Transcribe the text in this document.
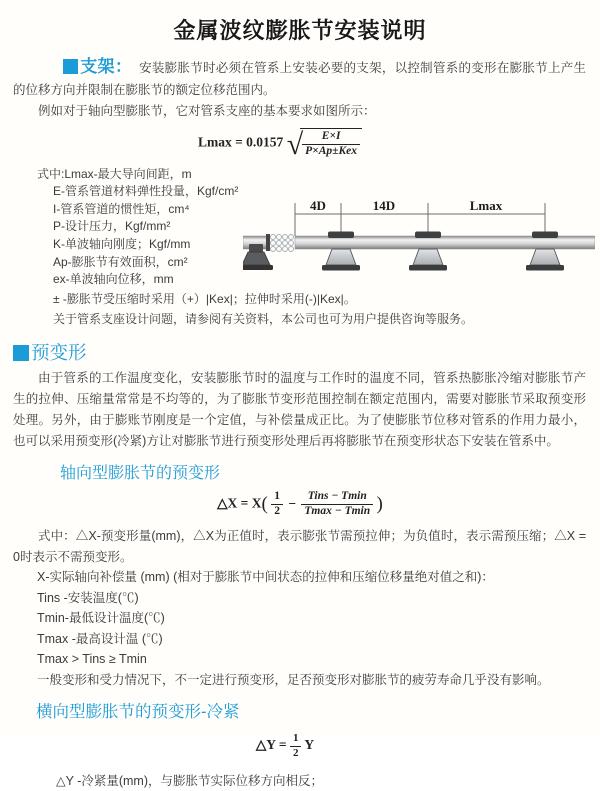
金属波纹膨胀节安装说明

支架： 安装膨胀节时必须在管系上安装必要的支架，以控制管系的变形在膨胀节上产生的位移方向并限制在膨胀节的额定位移范围内。

例如对于轴向型膨胀节，它对管系支座的基本要求如图所示：

Lmax = 0.0157 √ $\frac{E\times I}{\text{P×Ap±Kex}}$
式中:Lmax-最大导向间距，m
E-管系管道材料弹性投量，Kgf/cm²
I-管系管道的惯性矩，cm⁴
P-设计压力，Kgf/mm²
K-单波轴向刚度；Kgf/mm
Ap-膨胀节有效面积，cm²
ex-单波轴向位移，mm
± -膨胀节受压缩时采用（+）|Kex|；拉伸时采用(-)|Kex|。
关于管系支座设计问题，请参阅有关资料，本公司也可为用户提供咨询等服务。
4D	14D	Lmax
预变形

由于管系的工作温度变化，安装膨胀节时的温度与工作时的温度不同，管系热膨胀冷缩对膨胀节产生的拉伸、压缩量常常是不均等的，为了膨胀节变形范围控制在额定范围内，需要对膨胀节采取预变形处理。另外，由于膨账节刚度是一个定值，与补偿量成正比。为了使膨胀节位移对管系的作用力最小，也可以采用预变形(冷紧)方让对膨胀节进行预变形处理后再将膨胀节在预变形状态下安装在管系中。

轴向型膨胀节的预变形
△X = $X( \frac{1}{2} - \frac{\text{Tins − Tmin}}{Tmax - Tmin}$ )

式中：△X-预变形量(mm)，△X为正值时，表示膨张节需预拉伸；为负值时，表示需预压缩；△X = 0时表示不需预变形。

X-实际轴向补偿量 (mm) (相对于膨胀节中间状态的拉伸和压缩位移量绝对值之和)：
Tins -安装温度(℃)
Tmin-最低设计温度(℃)
Tmax -最高设计温 (℃)
Tmax > Tins ≥ Tmin
一般变形和受力情况下，不一定进行预变形，足否预变形对膨胀节的疲劳寿命几乎没有影响。
横向型膨胀节的预变形-冷紧
△Y = $\frac{1}{2}$ Y
△Y -冷紧量(mm)，与膨胀节实际位移方向相反；
